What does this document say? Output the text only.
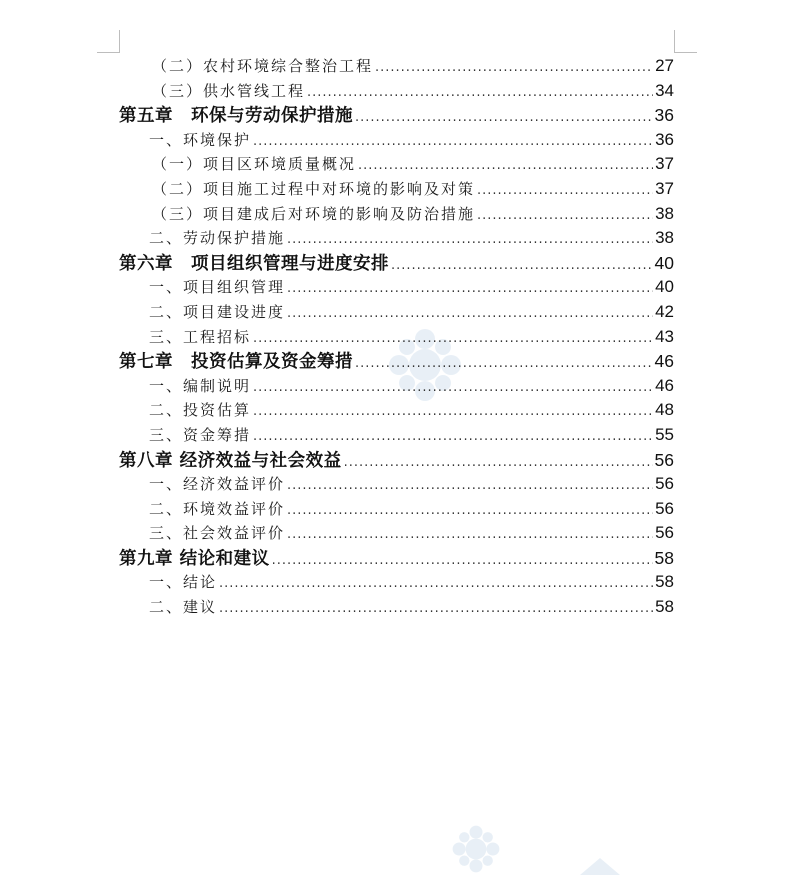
（二）农村环境综合整治工程 .....	27
（三）供水管线工程 .....	34
第五章　环保与劳动保护措施 .....	36
一、环境保护 .....	36
（一）项目区环境质量概况 .....	37
（二）项目施工过程中对环境的影响及对策 .....	37
（三）项目建成后对环境的影响及防治措施 .....	38
二、劳动保护措施 .....	38
第六章　项目组织管理与进度安排 .....	40
一、项目组织管理 .....	40
二、项目建设进度 .....	42
三、工程招标 .....	43
第七章　投资估算及资金筹措 .....	46
一、编制说明 .....	46
二、投资估算 .....	48
三、资金筹措 .....	55
第八章 经济效益与社会效益 .....	56
一、经济效益评价 .....	56
二、环境效益评价 .....	56
三、社会效益评价 .....	56
第九章 结论和建议 .....	58
一、结论 .....	58
二、建议 .....	58
